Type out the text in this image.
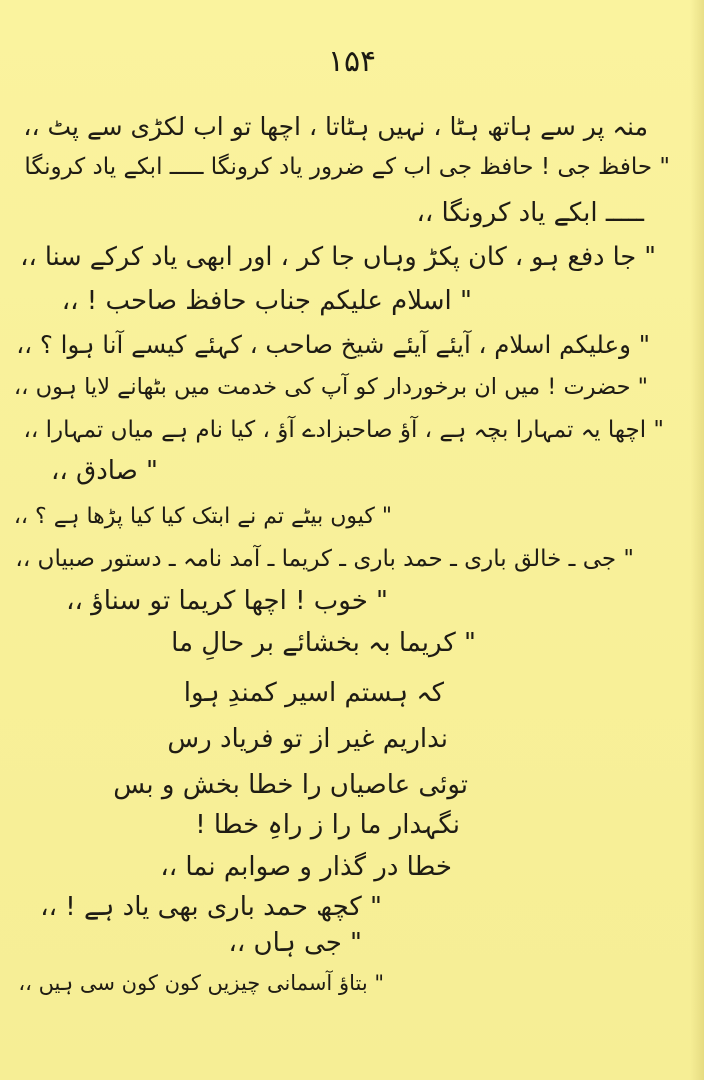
۱۵۴
منہ پر سے ہاتھ ہٹا ، نہیں ہٹاتا ، اچھا تو اب لکڑی سے پٹ ،،
" حافظ جی ! حافظ جی اب کے ضرور یاد کرونگا ـــــ ابکے یاد کرونگا
ـــــ ابکے یاد کرونگا ،،
" جا دفع ہو ، کان پکڑ وہاں جا کر ، اور ابھی یاد کرکے سنا ،،
" اسلام علیکم جناب حافظ صاحب ! ،،
" وعلیکم اسلام ، آیئے آیئے شیخ صاحب ، کہئے کیسے آنا ہوا ؟ ،،
" حضرت ! میں ان برخوردار کو آپ کی خدمت میں بٹھانے لایا ہوں ،،
" اچھا یہ تمہارا بچہ ہے ، آؤ صاحبزادے آؤ ، کیا نام ہے میاں تمہارا ،،
" صادق ،،
" کیوں بیٹے تم نے ابتک کیا کیا پڑھا ہے ؟ ،،
" جی ـ خالق باری ـ حمد باری ـ کریما ـ آمد نامہ ـ دستور صبیاں ،،
" خوب ! اچھا کریما تو سناؤ ،،
" کریما بہ بخشائے بر حالِ ما
کہ ہستم اسیر کمندِ ہوا
نداریم غیر از تو فریاد رس
توئی عاصیاں را خطا بخش و بس
نگہدار ما را ز راہِ خطا !
خطا در گذار و صوابم نما ،،
" کچھ حمد باری بھی یاد ہے ! ،،
" جی ہاں ،،
" بتاؤ آسمانی چیزیں کون کون سی ہیں ،،
